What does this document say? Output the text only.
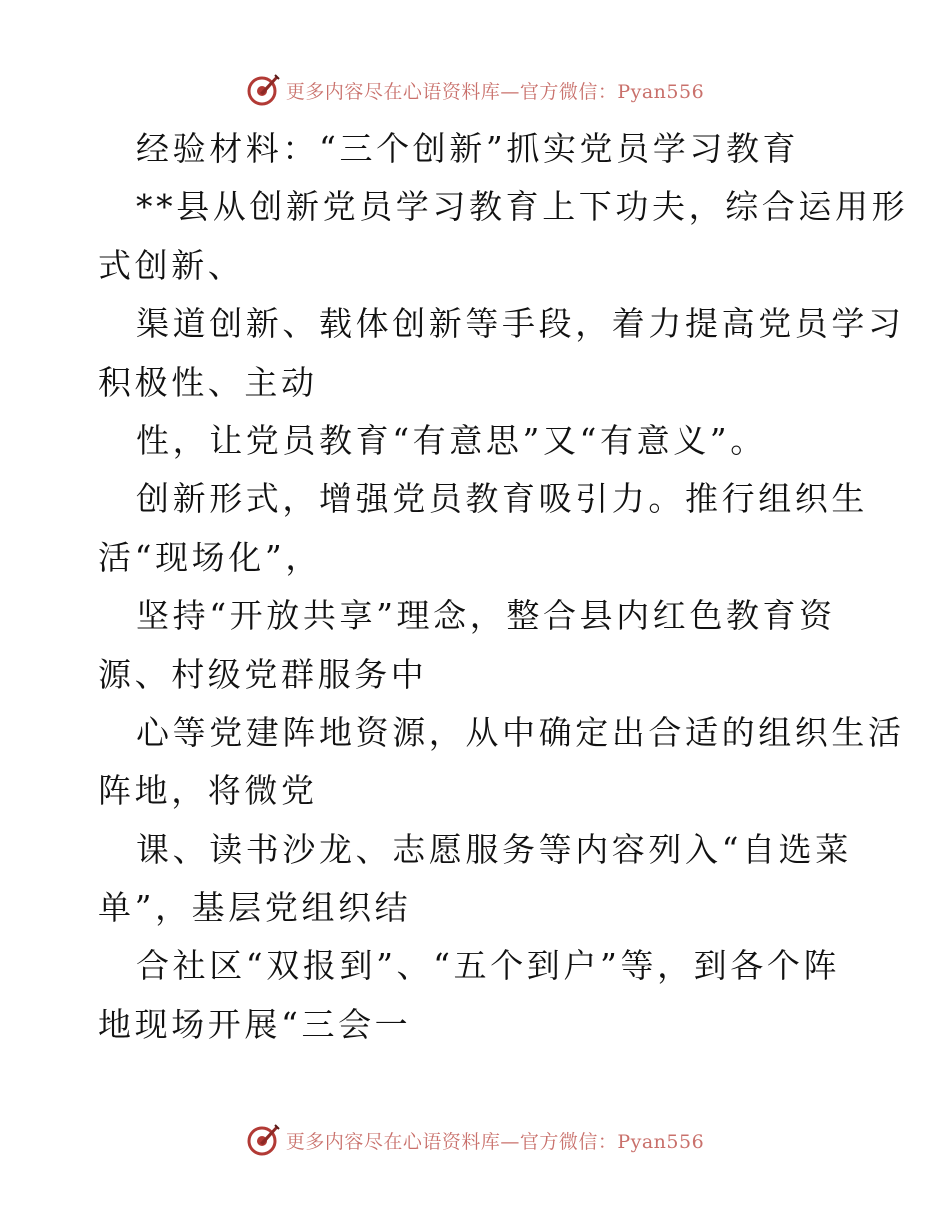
更多内容尽在心语资料库—官方微信：Pyan556
经验材料：“三个创新”抓实党员学习教育
**县从创新党员学习教育上下功夫，综合运用形
式创新、
渠道创新、载体创新等手段，着力提高党员学习
积极性、主动
性，让党员教育“有意思”又“有意义”。
创新形式，增强党员教育吸引力。推行组织生
活“现场化”，
坚持“开放共享”理念，整合县内红色教育资
源、村级党群服务中
心等党建阵地资源，从中确定出合适的组织生活
阵地，将微党
课、读书沙龙、志愿服务等内容列入“自选菜
单”，基层党组织结
合社区“双报到”、“五个到户”等，到各个阵
地现场开展“三会一
更多内容尽在心语资料库—官方微信：Pyan556
